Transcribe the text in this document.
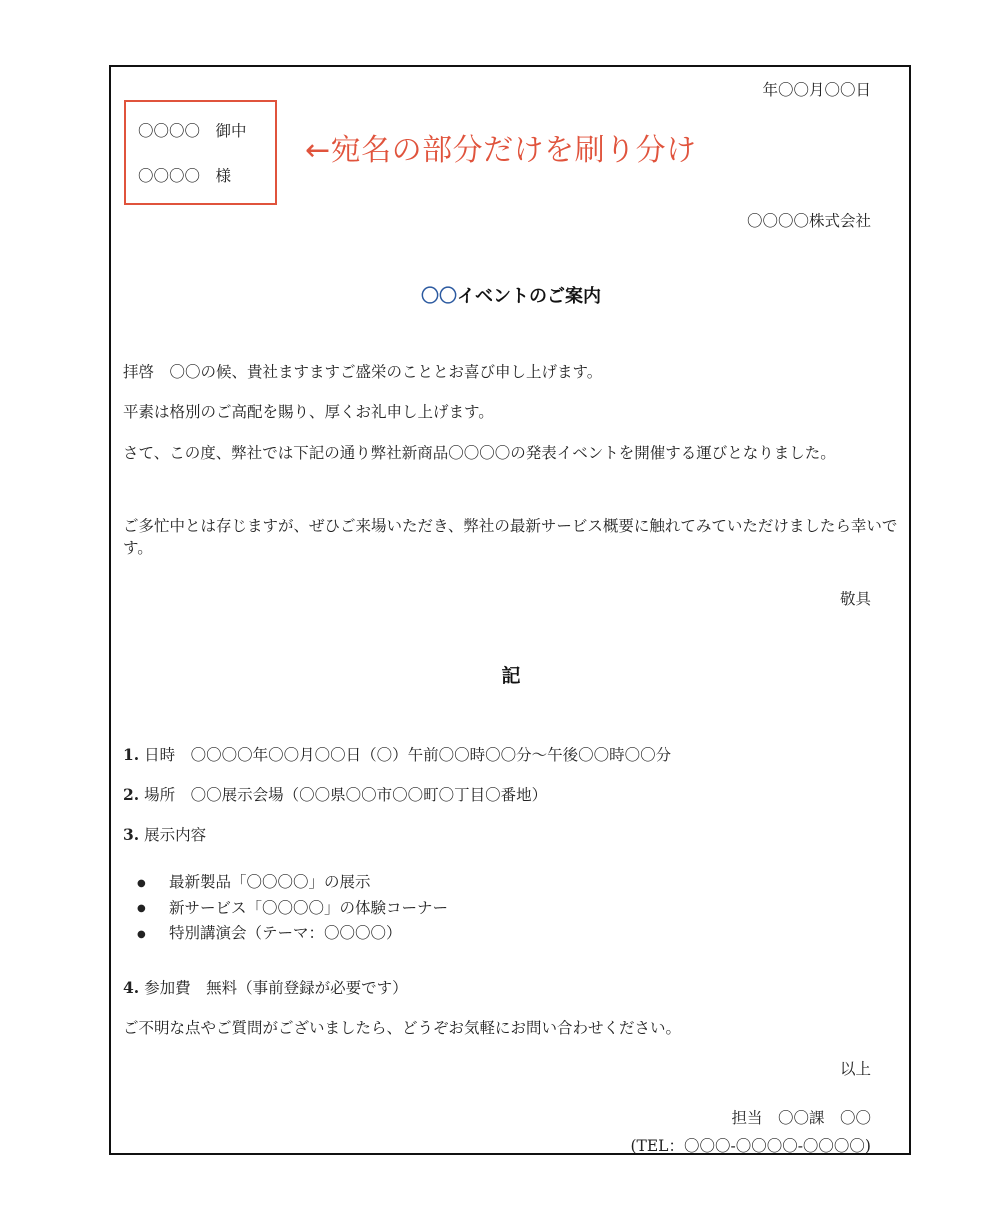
年〇〇月〇〇日
〇〇〇〇　御中
〇〇〇〇　様
←宛名の部分だけを刷り分け
〇〇〇〇株式会社
〇〇イベントのご案内
拝啓　〇〇の候、貴社ますますご盛栄のこととお喜び申し上げます。
平素は格別のご高配を賜り、厚くお礼申し上げます。
さて、この度、弊社では下記の通り弊社新商品〇〇〇〇の発表イベントを開催する運びとなりました。
ご多忙中とは存じますが、ぜひご来場いただき、弊社の最新サービス概要に触れてみていただけましたら幸いです。
敬具
記
1. 日時　〇〇〇〇年〇〇月〇〇日（〇）午前〇〇時〇〇分〜午後〇〇時〇〇分
2. 場所　〇〇展示会場（〇〇県〇〇市〇〇町〇丁目〇番地）
3. 展示内容
● 最新製品「〇〇〇〇」の展示
● 新サービス「〇〇〇〇」の体験コーナー
● 特別講演会（テーマ：〇〇〇〇）
4. 参加費　無料（事前登録が必要です）
ご不明な点やご質問がございましたら、どうぞお気軽にお問い合わせください。
以上
担当　〇〇課　〇〇
(TEL：〇〇〇-〇〇〇〇-〇〇〇〇)
